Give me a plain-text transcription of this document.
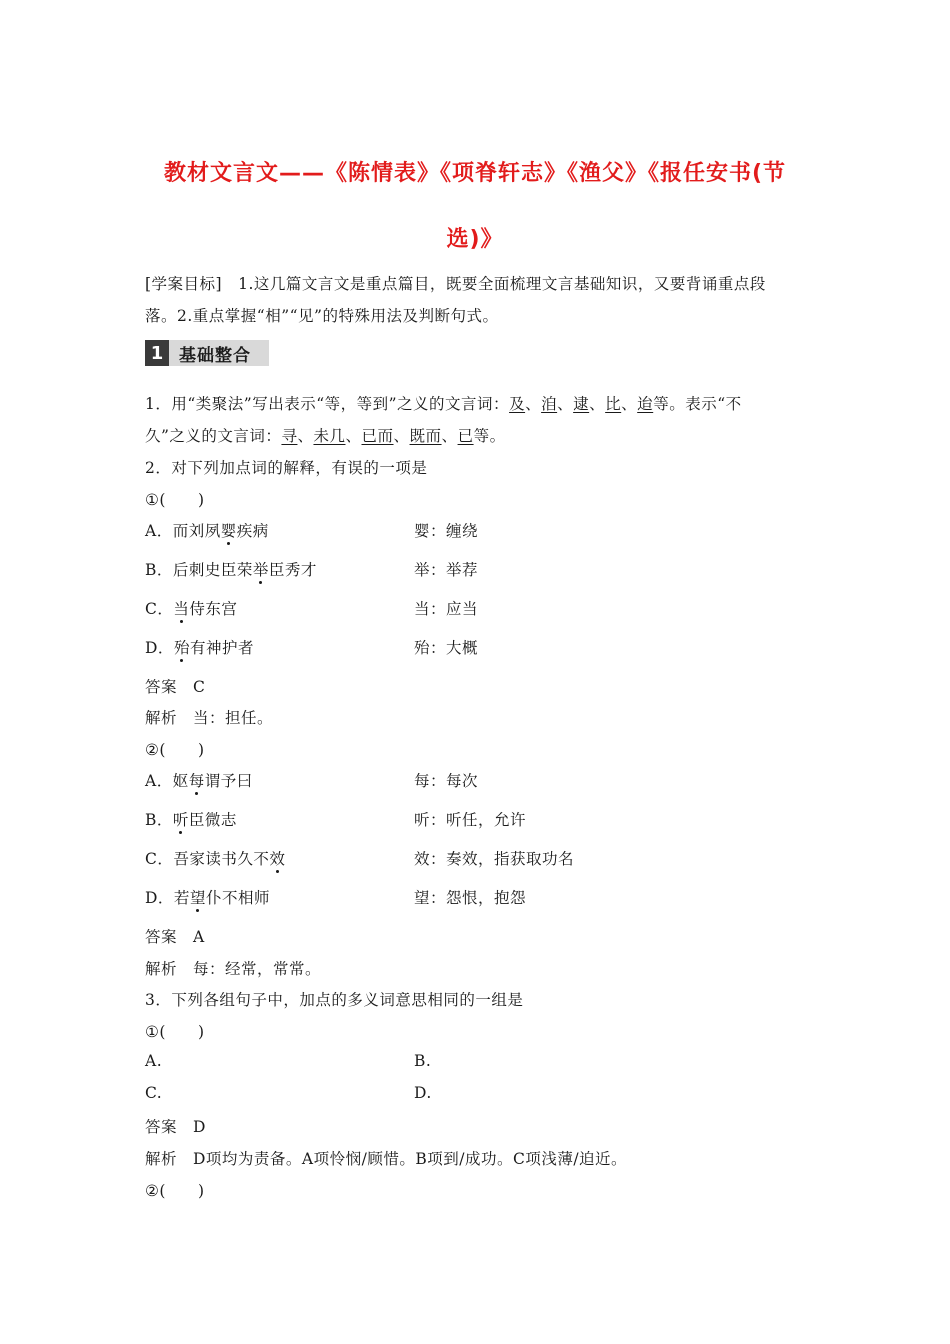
教材文言文——《陈情表》《项脊轩志》《渔父》《报任安书(节
选)》
[学案目标]　1.这几篇文言文是重点篇目，既要全面梳理文言基础知识，又要背诵重点段
落。2.重点掌握“相”“见”的特殊用法及判断句式。
1 基础整合
1．用“类聚法”写出表示“等，等到”之义的文言词：及、洎、逮、比、迨等。表示“不
久”之义的文言词：寻、未几、已而、既而、已等。
2．对下列加点词的解释，有误的一项是
①(　　)
A．而刘夙婴疾病	婴：缠绕
B．后刺史臣荣举臣秀才	举：举荐
C．当侍东宫	当：应当
D．殆有神护者	殆：大概
答案　C
解析　当：担任。
②(　　)
A．妪每谓予曰	每：每次
B．听臣微志	听：听任，允许
C．吾家读书久不效	效：奏效，指获取功名
D．若望仆不相师	望：怨恨，抱怨
答案　A
解析　每：经常，常常。
3．下列各组句子中，加点的多义词意思相同的一组是
①(　　)
A.	B.
C.	D.
答案　D
解析　D项均为责备。A项怜悯/顾惜。B项到/成功。C项浅薄/迫近。
②(　　)
